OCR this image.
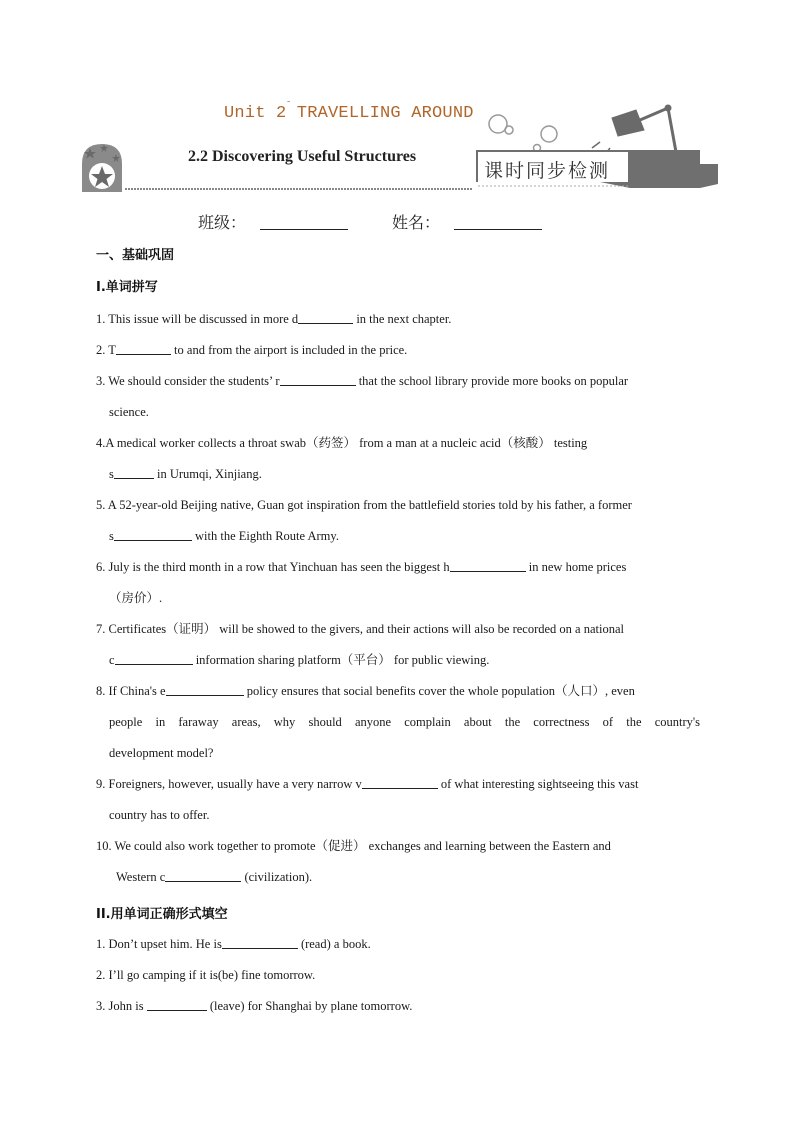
-
Unit 2 TRAVELLING AROUND
2.2 Discovering Useful Structures
课时同步检测
班级：	姓名：

一、基础巩固

I.单词拼写

1. This issue will be discussed in more d	in the next chapter.
2. T	to and from the airport is included in the price.
3. We should consider the students’ r	that the school library provide more books on popular
science.
4.A medical worker collects a throat swab（药签） from a man at a nucleic acid（核酸） testing
s	in Urumqi, Xinjiang.
5. A 52-year-old Beijing native, Guan got inspiration from the battlefield stories told by his father, a former
s	with the Eighth Route Army.
6. July is the third month in a row that Yinchuan has seen the biggest h	in new home prices
（房价）.
7. Certificates（证明） will be showed to the givers, and their actions will also be recorded on a national
c	information sharing platform（平台） for public viewing.
8. If China's e	policy ensures that social benefits cover the whole population（人口）, even
people in faraway areas, why should anyone complain about the correctness of the country's
development model?
9. Foreigners, however, usually have a very narrow v	of what interesting sightseeing this vast
country has to offer.
10. We could also work together to promote（促进） exchanges and learning between the Eastern and
Western c	(civilization).

II.用单词正确形式填空

1. Don’t upset him. He is	(read) a book.
2. I’ll go camping if it is(be) fine tomorrow.
3. John is	(leave) for Shanghai by plane tomorrow.
